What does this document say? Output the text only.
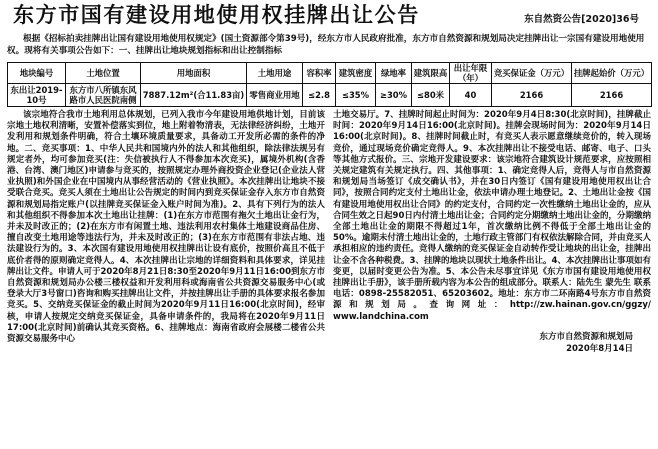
东方市国有建设用地使用权挂牌出让公告	东自然资公告[2020]36号

根据《招标拍卖挂牌出让国有建设用地使用权规定》(国土资源部令第39号)，经东方市人民政府批准，东方市自然资源和规划局决定挂牌出让一宗国有建设用地使用权。现将有关事项公告如下：一、挂牌出让地块规划指标和出让控制指标

地块编号	土地位置	用地面积	土地用途	容积率	建筑密度	绿地率	建筑限高	出让年限（年）	竞买保证金（万元）	挂牌起始价（万元）
东出让2019-10号	东方市八所镇东风路市人民医院南侧	7887.12m²(合11.83亩)	零售商业用地	≤2.8	≤35%	≥30%	≤80米	40	2166	2166

该宗地符合我市土地利用总体规划，已列入我市今年建设用地供地计划，目前该宗地土地权利清晰，安置补偿落实到位，地上附着物清表，无法律经济纠纷，土地开发利用和规划条件明确，符合土壤环境质量要求，具备动工开发所必需的条件的净地。二、竞买事项：1、中华人民共和国境内外的法人和其他组织，除法律法规另有规定者外，均可参加竞买(注：失信被执行人不得参加本次竞买)，属境外机构(含香港、台湾、澳门地区)申请参与竞买的，按照规定办理外商投资企业登记(企业法人营业执照)和外国企业在中国境内从事经营活动的《营业执照》。本次挂牌出让地块不接受联合竞买。竞买人须在土地出让公告规定的时间内到竞买保证金存入东方市自然资源和规划局指定账户(以挂牌竞买保证金入账户时间为准)。2、具有下列行为的法人和其他组织不得参加本次土地出让挂牌：(1)在东方市范围有拖欠土地出让金行为，并未及时改正的；(2)在东方市有闲置土地、违法利用农村集体土地建设商品住房、擅自改变土地用途等违法行为，并未及时改正的；(3)在东方市范围有非法占地、违法建设行为的。3、本次国有建设用地使用权挂牌出让设有底价，按照价高且不低于底价者得的原则确定竞得人。4、本次挂牌出让宗地的详细资料和具体要求，详见挂牌出让文件。申请人可于2020年8月21日8:30至2020年9月11日16:00到东方市自然资源和规划局办公楼三楼权益和开发利用科或海南省公共资源交易服务中心(或登录大厅3号窗口)咨询和购买挂牌出让文件，并按挂牌出让手册的具体要求报名参加竞买。5、交纳竞买保证金的截止时间为2020年9月11日16:00(北京时间)，经审核，申请人按规定交纳竞买保证金，具备申请条件的，我局将在2020年9月11日17:00(北京时间)前确认其竞买资格。6、挂牌地点：海南省政府会展楼二楼省公共资源交易服务中心

土地交易厅。7、挂牌时间起止时间为：2020年9月4日8:30(北京时间)，挂牌截止时间：2020年9月14日16:00(北京时间)。挂牌会现场时间为：2020年9月14日16:00(北京时间)。8、挂牌时间截止时，有竞买人表示愿意继续竞价的，转入现场竞价，通过现场竞价确定竞得人。9、本次挂牌出让不接受电话、邮寄、电子、口头等其他方式报价。三、宗地开发建设要求：该宗地符合建筑设计规范要求，应按照相关规定建筑有关规定执行。四、其他事项：1、确定竞得人后，竞得人与市自然资源和规划局当场签订《成交确认书》，并在30日内签订《国有建设用地使用权出让合同》，按照合同约定支付土地出让金，依法申请办理土地登记。2、土地出让金按《国有建设用地使用权出让合同》的约定支付，合同约定一次性缴纳土地出让金的，应从合同生效之日起90日内付清土地出让金；合同约定分期缴纳土地出让金的，分期缴纳全部土地出让金的期限不得超过1年，首次缴纳比例不得低于全部土地出让金的50%。逾期未付清土地出让金的，土地行政主管部门有权依法解除合同，并由竞买人承担相应的违约责任。竞得人缴纳的竞买保证金自动转作受让地块的出让金，挂牌出让金不含各种税费。3、挂牌的地块以现状土地条件出让。4、本次挂牌出让事项如有变更，以届时变更公告为准。5、本公告未尽事宜详见《东方市国有建设用地使用权挂牌出让手册》，该手册所载内容为本公告的组成部分。联系人：陆先生 蒙先生 联系电话：0898-25582051、65203602。地址：东方市二环南路4号东方市自然资源和规划局。查询网址：http://zw.hainan.gov.cn/ggzy/ www.landchina.com

东方市自然资源和规划局
2020年8月14日
